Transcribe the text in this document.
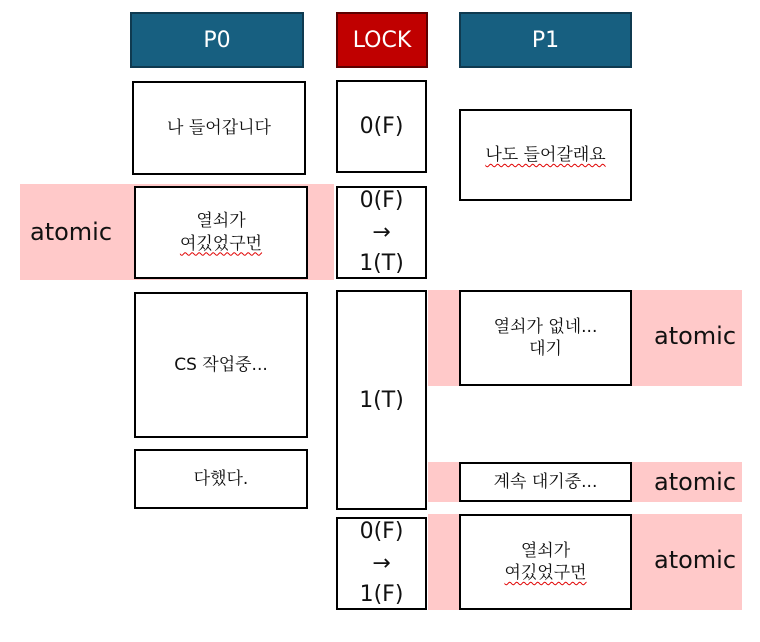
atomic
atomic
atomic
atomic
P0	LOCK	P1
나 들어갑니다
열쇠가
여깄었구먼
CS 작업중...
다했다.
0(F)
0(F)
→
1(T)
1(T)
0(F)
→
1(F)
나도 들어갈래요
열쇠가 없네...
대기
계속 대기중...
열쇠가
여깄었구먼
